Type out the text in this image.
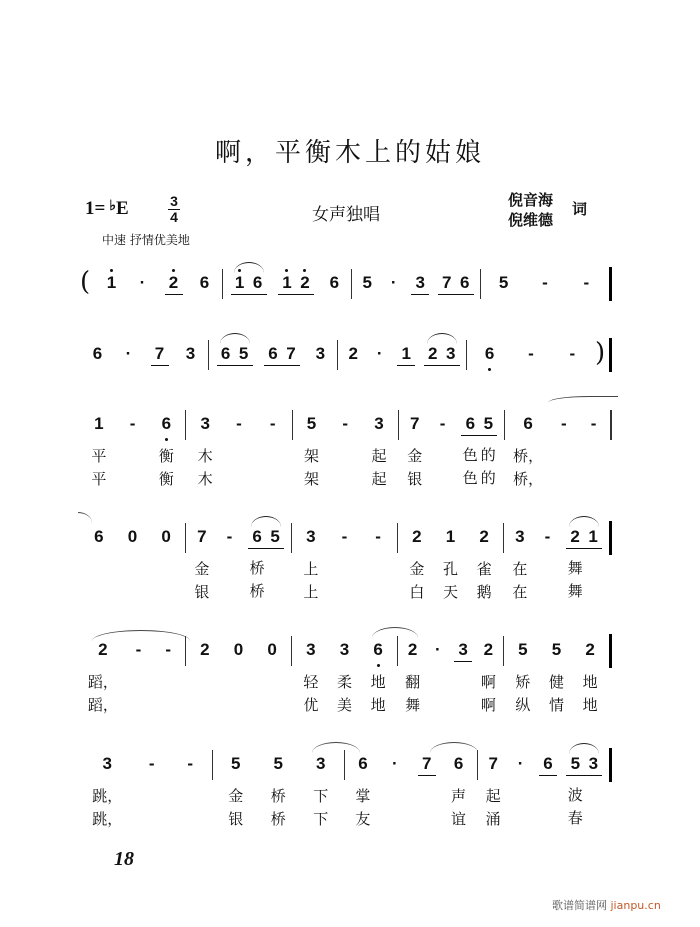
啊，平衡木上的姑娘
1= ♭E	3
4	女声独唱
倪音海
倪维德
词
中速 抒情优美地
( 1	·	2 6 1 6 1 2 6 5	·	3 7 6 5	-	-
6	·	7 3 6 5 6 7 3 2	·	1 2 3 6	-	- )
1
平
平
-	6
衡
衡
3
木
木
-	-	5
架
架
-	3
起
起
7
金
银
-	6
色
色
5
的
的
6
桥，
桥，
-	-
6 0 0 7
金
银
-	6
桥
桥
5 3
上
上
-	-	2
金
白
1
孔
天
2
雀
鹅
3
在
在
-	2
舞
舞
1
2
蹈，
蹈，
-	-	2 0 0 3
轻
优
3
柔
美
6
地
地
2
翻
舞
·	3 2
啊
啊
5
矫
纵
5
健
情
2
地
地
3
跳，
跳，
-	-	5
金
银
5
桥
桥
3
下
下
6
掌
友
·	7 6
声
谊
7
起
涌
·	6 5
波
春
3
18
歌谱简谱网 jianpu.cn
